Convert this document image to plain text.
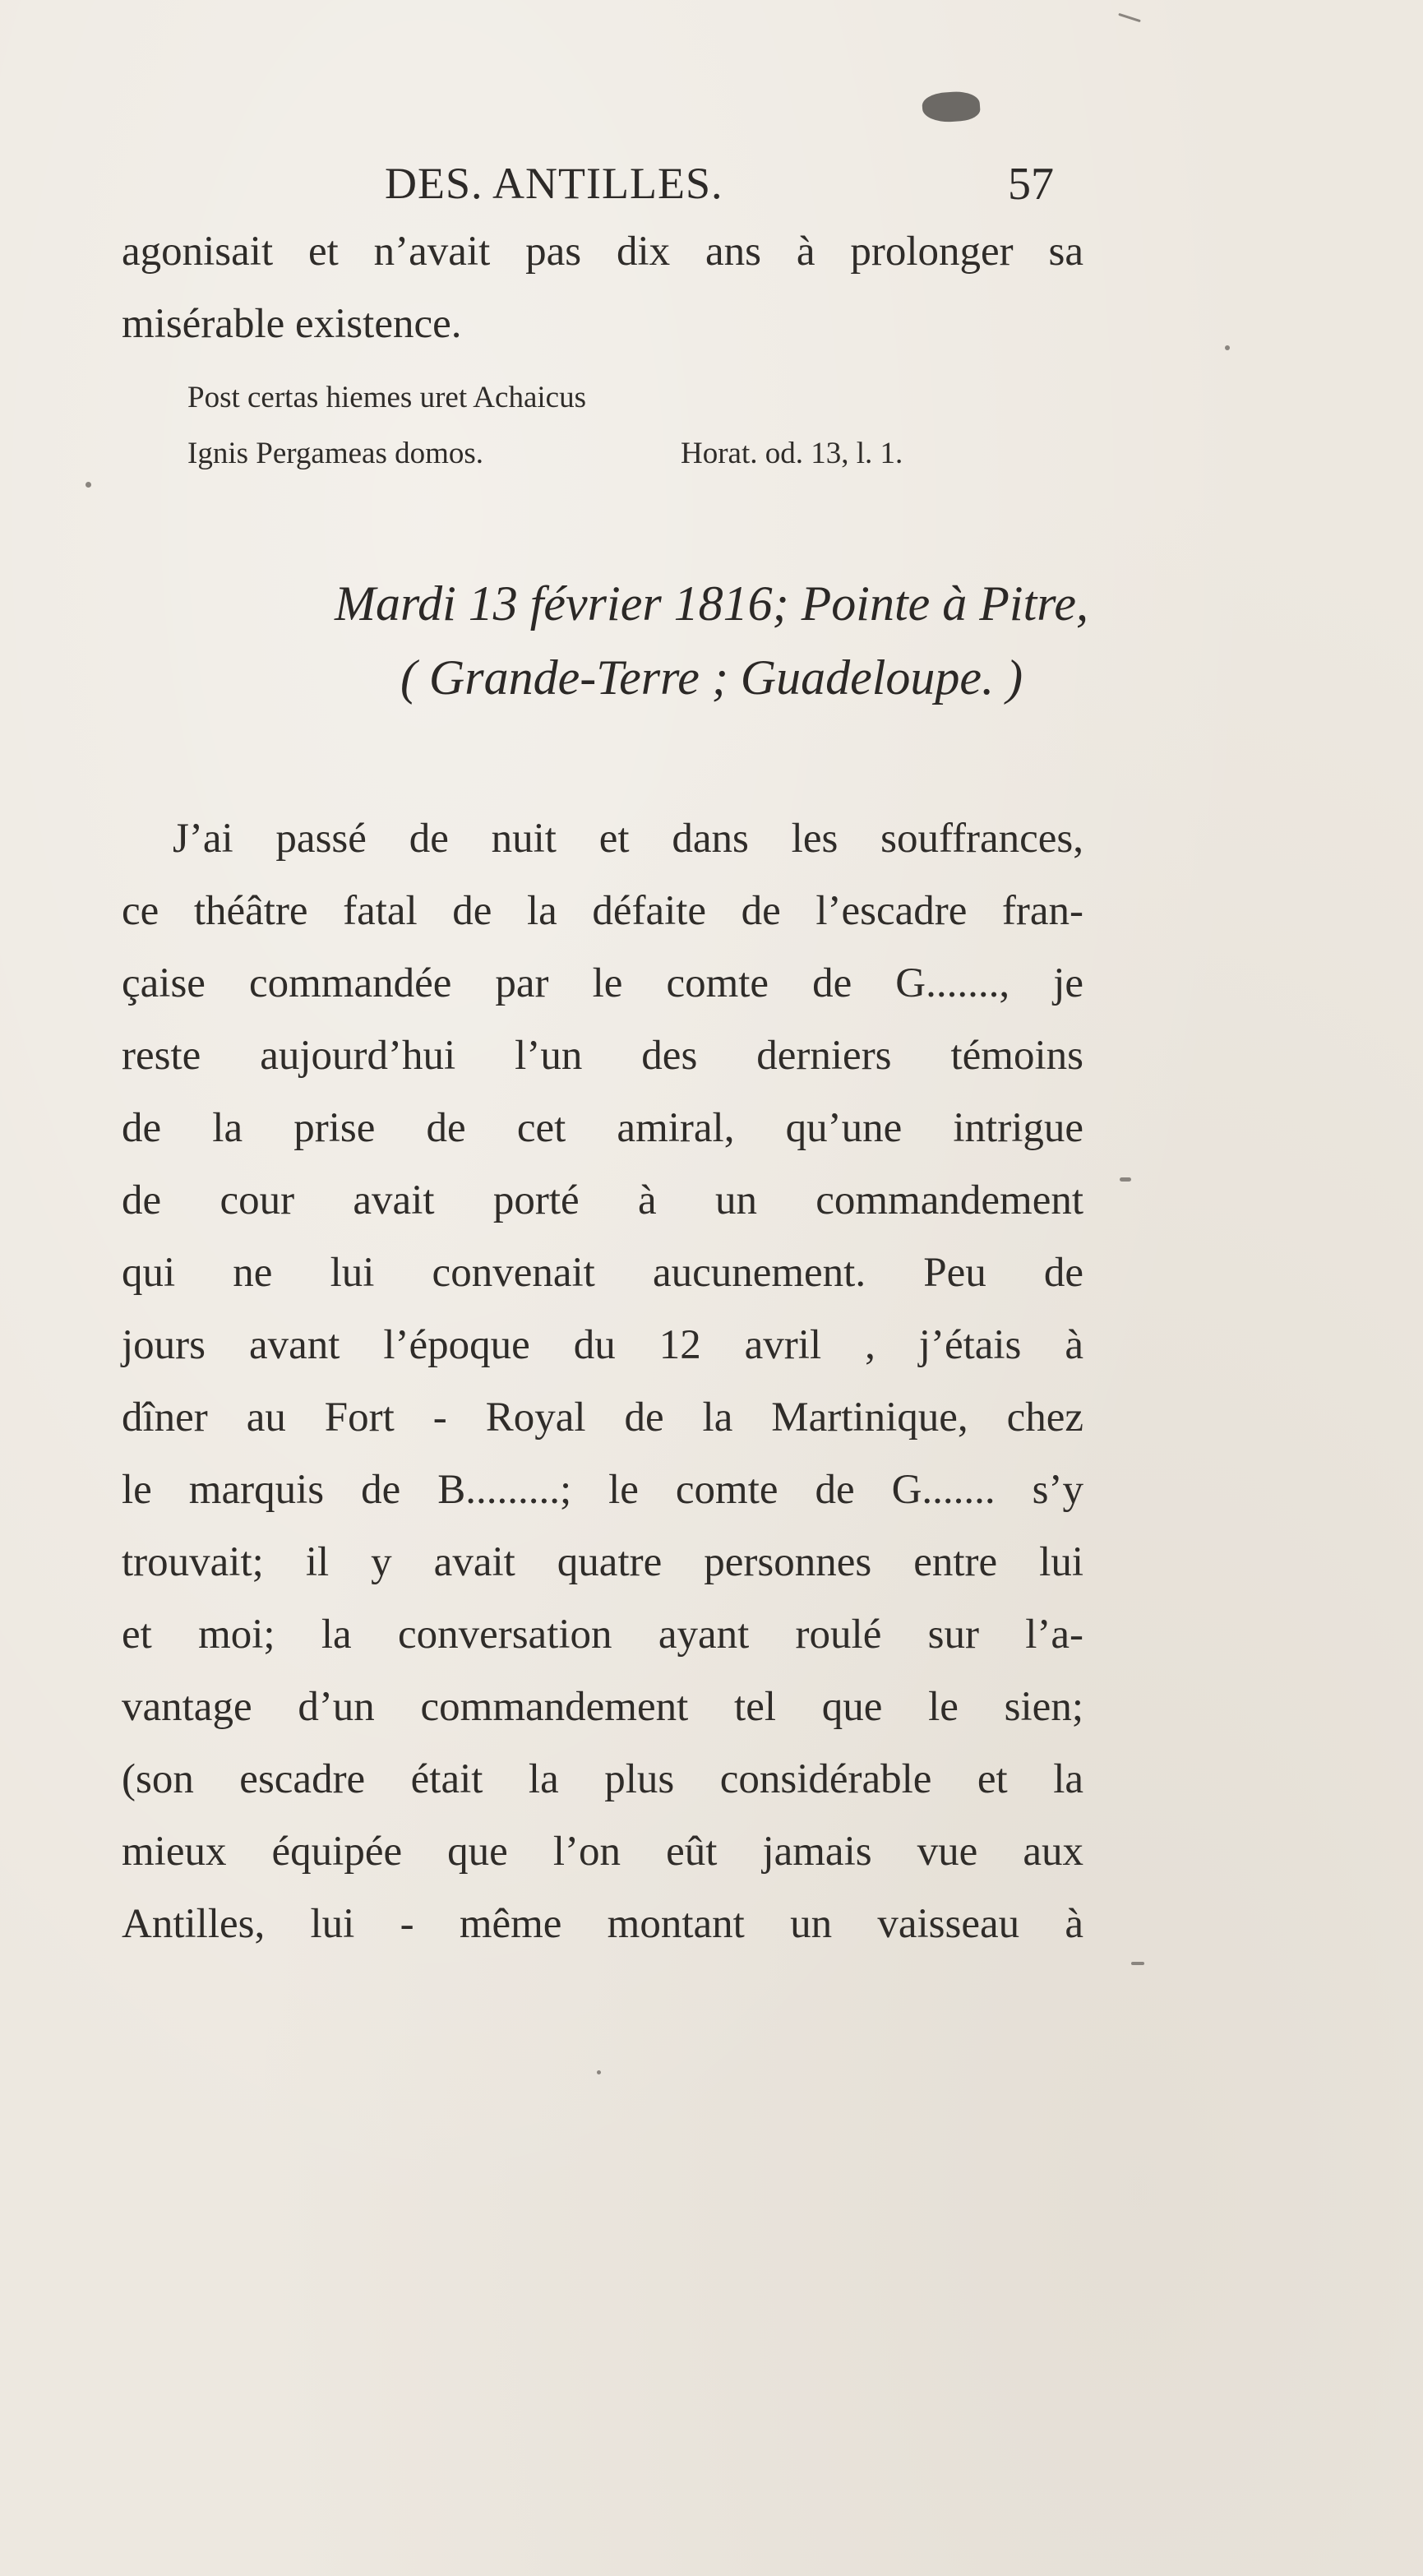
DES. ANTILLES.	57
agonisait et n’avait pas dix ans à prolonger sa
misérable existence.
Post certas hiemes uret Achaicus
Ignis Pergameas domos.	Horat. od. 13, l. 1.
Mardi 13 février 1816; Pointe à Pitre,
( Grande-Terre ; Guadeloupe. )
J’ai passé de nuit et dans les souffrances,
ce théâtre fatal de la défaite de l’escadre fran-
çaise commandée par le comte de G......., je
reste aujourd’hui l’un des derniers témoins
de la prise de cet amiral, qu’une intrigue
de cour avait porté à un commandement
qui ne lui convenait aucunement. Peu de
jours avant l’époque du 12 avril , j’étais à
dîner au Fort - Royal de la Martinique, chez
le marquis de B.........; le comte de G....... s’y
trouvait; il y avait quatre personnes entre lui
et moi; la conversation ayant roulé sur l’a-
vantage d’un commandement tel que le sien;
(son escadre était la plus considérable et la
mieux équipée que l’on eût jamais vue aux
Antilles, lui - même montant un vaisseau à
